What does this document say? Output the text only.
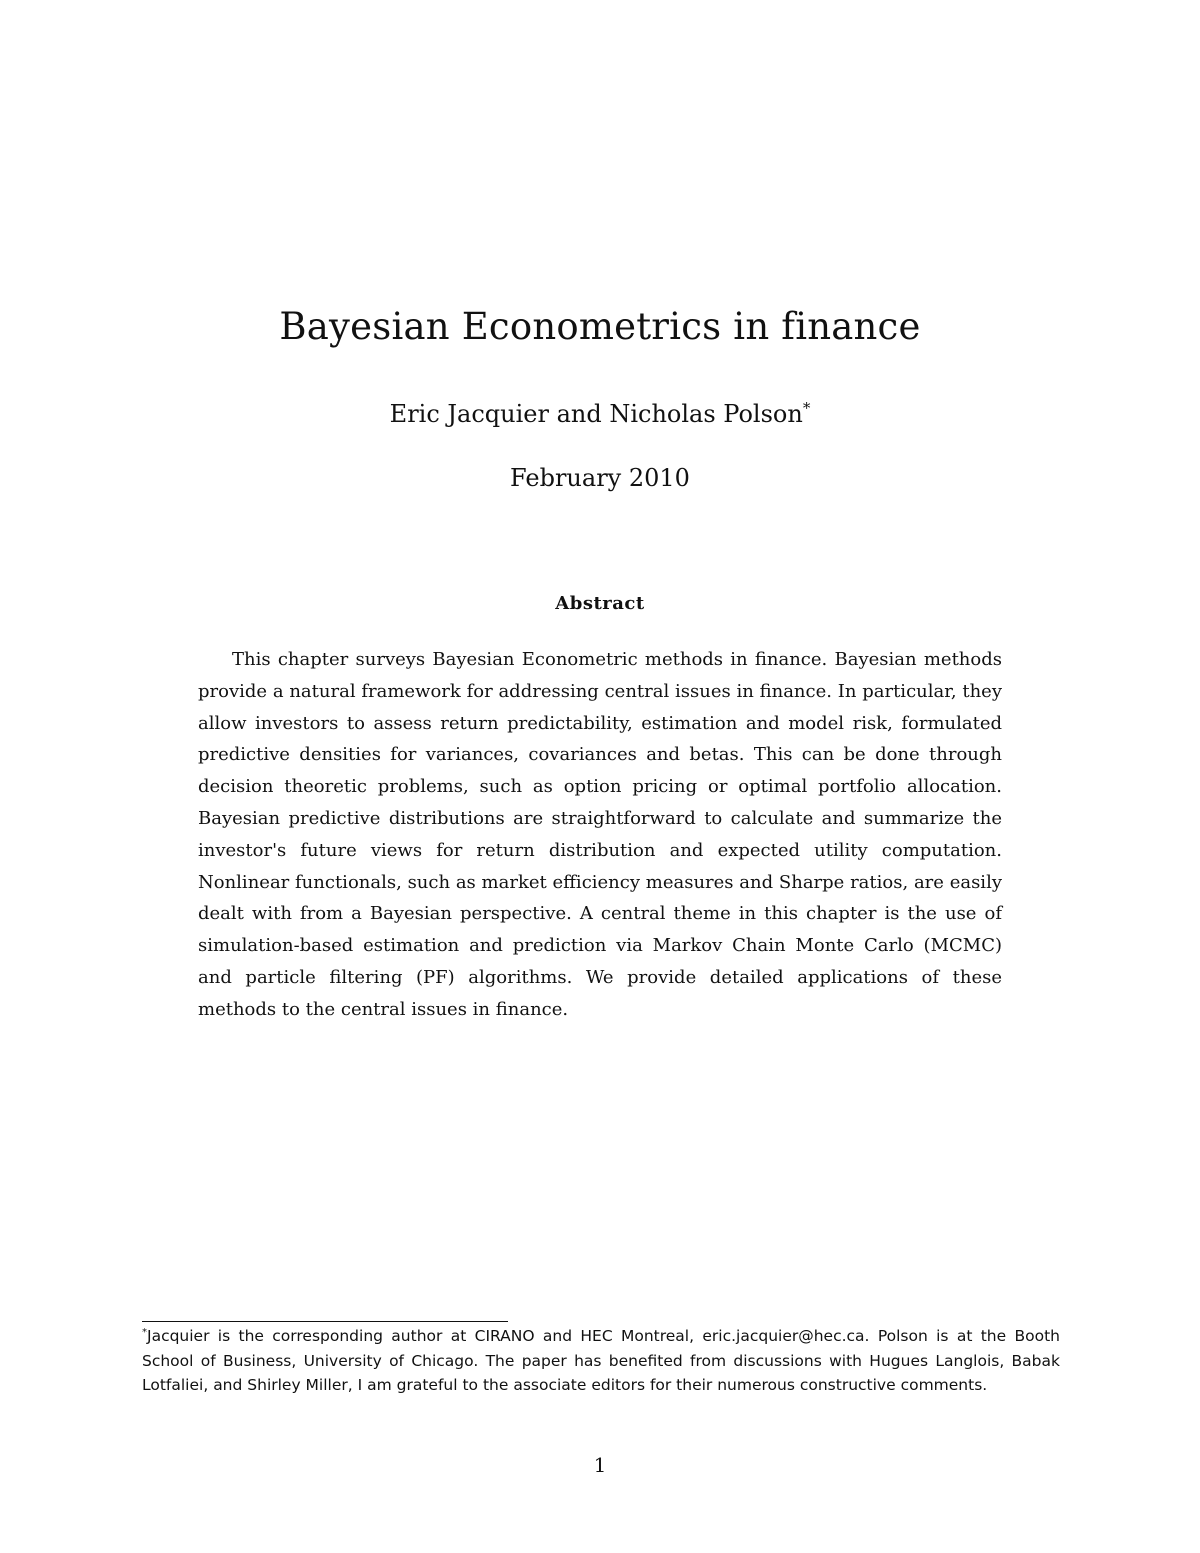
Bayesian Econometrics in finance

Eric Jacquier and Nicholas Polson*

February 2010

Abstract

This chapter surveys Bayesian Econometric methods in finance. Bayesian methods provide a natural framework for addressing central issues in finance. In particular, they allow investors to assess return predictability, estimation and model risk, formulated predictive densities for variances, covariances and betas. This can be done through decision theoretic problems, such as option pricing or optimal portfolio allocation. Bayesian predictive distributions are straightforward to calculate and summarize the investor's future views for return distribution and expected utility computation. Nonlinear functionals, such as market efficiency measures and Sharpe ratios, are easily dealt with from a Bayesian perspective. A central theme in this chapter is the use of simulation-based estimation and prediction via Markov Chain Monte Carlo (MCMC) and particle filtering (PF) algorithms. We provide detailed applications of these methods to the central issues in finance.

*Jacquier is the corresponding author at CIRANO and HEC Montreal, eric.jacquier@hec.ca. Polson is at the Booth School of Business, University of Chicago. The paper has benefited from discussions with Hugues Langlois, Babak Lotfaliei, and Shirley Miller, I am grateful to the associate editors for their numerous constructive comments.

1
